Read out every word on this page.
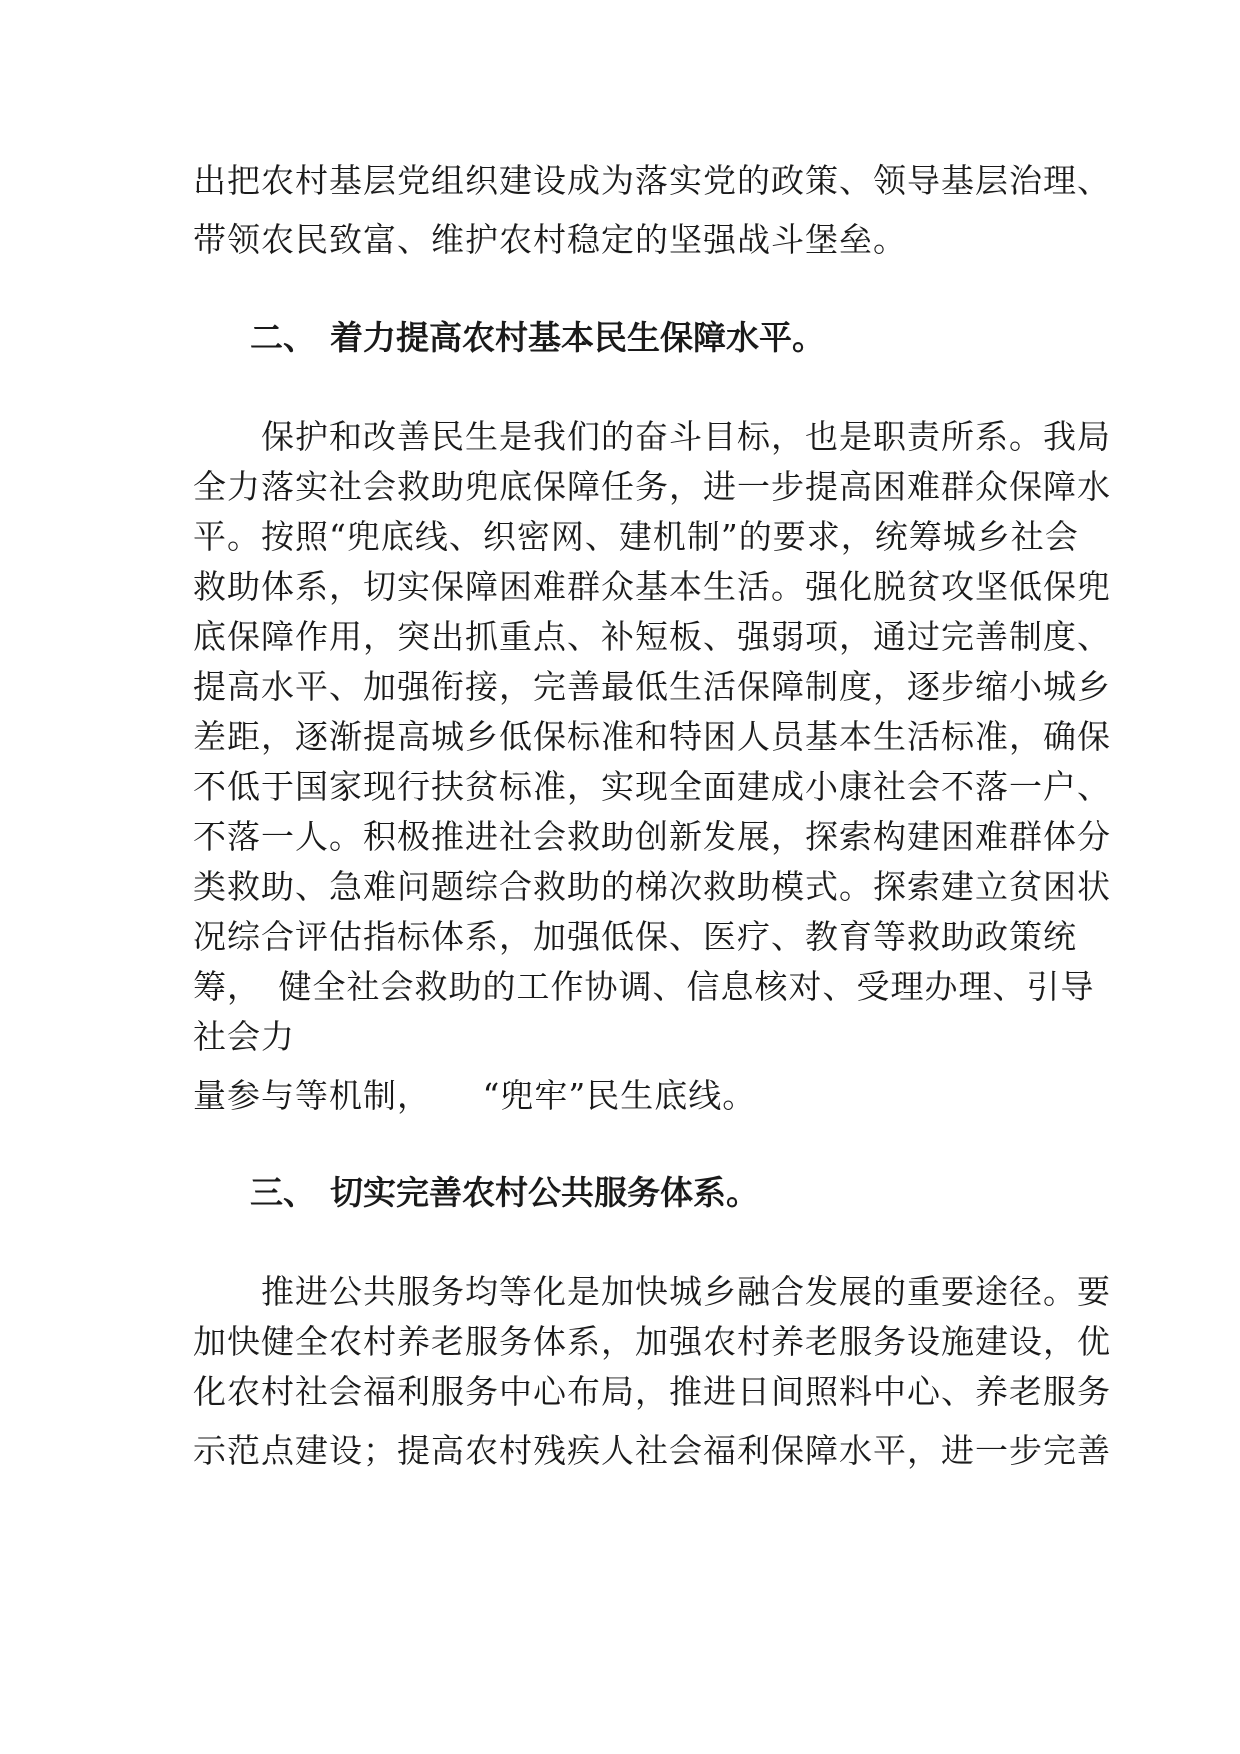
出把农村基层党组织建设成为落实党的政策、领导基层治理、
带领农民致富、维护农村稳定的坚强战斗堡垒。
二、 着力提高农村基本民生保障水平。
　　保护和改善民生是我们的奋斗目标，也是职责所系。我局
全力落实社会救助兜底保障任务，进一步提高困难群众保障水
平。按照“兜底线、织密网、建机制”的要求，统筹城乡社会
救助体系，切实保障困难群众基本生活。强化脱贫攻坚低保兜
底保障作用，突出抓重点、补短板、强弱项，通过完善制度、
提高水平、加强衔接，完善最低生活保障制度，逐步缩小城乡
差距，逐渐提高城乡低保标准和特困人员基本生活标准，确保
不低于国家现行扶贫标准，实现全面建成小康社会不落一户、
不落一人。积极推进社会救助创新发展，探索构建困难群体分
类救助、急难问题综合救助的梯次救助模式。探索建立贫困状
况综合评估指标体系，加强低保、医疗、教育等救助政策统
筹，　健全社会救助的工作协调、信息核对、受理办理、引导
社会力
量参与等机制，　　“兜牢”民生底线。
三、 切实完善农村公共服务体系。
　　推进公共服务均等化是加快城乡融合发展的重要途径。要
加快健全农村养老服务体系，加强农村养老服务设施建设，优
化农村社会福利服务中心布局，推进日间照料中心、养老服务
示范点建设；提高农村残疾人社会福利保障水平，进一步完善
